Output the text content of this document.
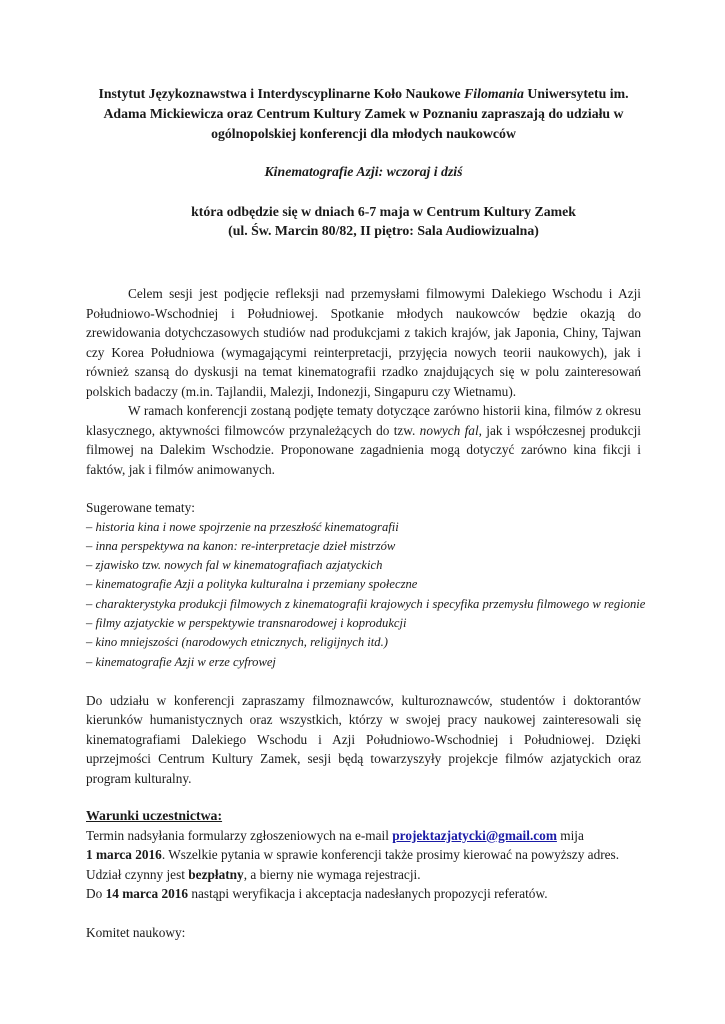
Instytut Językoznawstwa i Interdyscyplinarne Koło Naukowe Filomania Uniwersytetu im.
Adama Mickiewicza oraz Centrum Kultury Zamek w Poznaniu zapraszają do udziału w
ogólnopolskiej konferencji dla młodych naukowców
Kinematografie Azji: wczoraj i dziś
która odbędzie się w dniach 6-7 maja w Centrum Kultury Zamek
(ul. Św. Marcin 80/82, II piętro: Sala Audiowizualna)

Celem sesji jest podjęcie refleksji nad przemysłami filmowymi Dalekiego Wschodu i Azji Południowo-Wschodniej i Południowej. Spotkanie młodych naukowców będzie okazją do zrewidowania dotychczasowych studiów nad produkcjami z takich krajów, jak Japonia, Chiny, Tajwan czy Korea Południowa (wymagającymi reinterpretacji, przyjęcia nowych teorii naukowych), jak i również szansą do dyskusji na temat kinematografii rzadko znajdujących się w polu zainteresowań polskich badaczy (m.in. Tajlandii, Malezji, Indonezji, Singapuru czy Wietnamu).

W ramach konferencji zostaną podjęte tematy dotyczące zarówno historii kina, filmów z okresu klasycznego, aktywności filmowców przynależących do tzw. nowych fal, jak i współczesnej produkcji filmowej na Dalekim Wschodzie. Proponowane zagadnienia mogą dotyczyć zarówno kina fikcji i faktów, jak i filmów animowanych.

Sugerowane tematy:
– historia kina i nowe spojrzenie na przeszłość kinematografii
– inna perspektywa na kanon: re-interpretacje dzieł mistrzów
– zjawisko tzw. nowych fal w kinematografiach azjatyckich
– kinematografie Azji a polityka kulturalna i przemiany społeczne
– charakterystyka produkcji filmowych z kinematografii krajowych i specyfika przemysłu filmowego w regionie
– filmy azjatyckie w perspektywie transnarodowej i koprodukcji
– kino mniejszości (narodowych etnicznych, religijnych itd.)
– kinematografie Azji w erze cyfrowej

Do udziału w konferencji zapraszamy filmoznawców, kulturoznawców, studentów i doktorantów kierunków humanistycznych oraz wszystkich, którzy w swojej pracy naukowej zainteresowali się kinematografiami Dalekiego Wschodu i Azji Południowo-Wschodniej i Południowej. Dzięki uprzejmości Centrum Kultury Zamek, sesji będą towarzyszyły projekcje filmów azjatyckich oraz program kulturalny.

Warunki uczestnictwa:

Termin nadsyłania formularzy zgłoszeniowych na e-mail projektazjatycki@gmail.com mija

1 marca 2016. Wszelkie pytania w sprawie konferencji także prosimy kierować na powyższy adres.

Udział czynny jest bezpłatny, a bierny nie wymaga rejestracji.

Do 14 marca 2016 nastąpi weryfikacja i akceptacja nadesłanych propozycji referatów.

Komitet naukowy:
